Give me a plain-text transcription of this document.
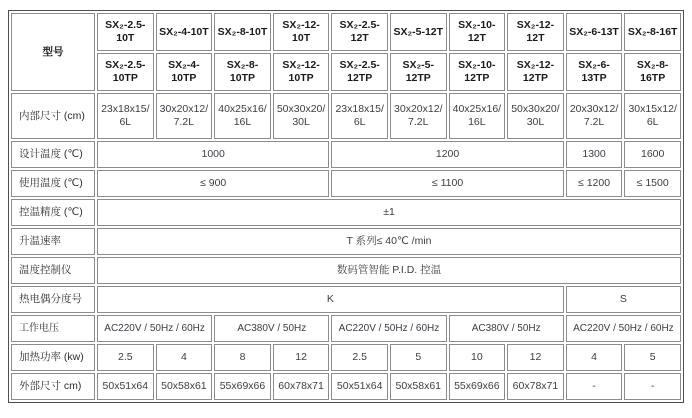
型号	SX₂-2.5-10T	SX₂-4-10T	SX₂-8-10T	SX₂-12-10T	SX₂-2.5-12T	SX₂-5-12T	SX₂-10-12T	SX₂-12-12T	SX₂-6-13T	SX₂-8-16T
	SX₂-2.5-10TP	SX₂-4-10TP	SX₂-8-10TP	SX₂-12-10TP	SX₂-2.5-12TP	SX₂-5-12TP	SX₂-10-12TP	SX₂-12-12TP	SX₂-6-13TP	SX₂-8-16TP
内部尺寸 (cm)	23x18x15/ 6L	30x20x12/ 7.2L	40x25x16/ 16L	50x30x20/ 30L	23x18x15/ 6L	30x20x12/ 7.2L	40x25x16/ 16L	50x30x20/ 30L	20x30x12/ 7.2L	30x15x12/ 6L
设计温度 (℃)	1000				1200				1300	1600
使用温度 (℃)	≤ 900				≤ 1100				≤ 1200	≤ 1500
控温精度 (℃)	±1									
升温速率	T 系列≤ 40℃ /min									
温度控制仪	数码管智能 P.I.D. 控温									
热电偶分度号	K								S	
工作电压	AC220V / 50Hz / 60Hz		AC380V / 50Hz		AC220V / 50Hz / 60Hz		AC380V / 50Hz		AC220V / 50Hz / 60Hz	
加热功率 (kw)	2.5	4	8	12	2.5	5	10	12	4	5
外部尺寸 cm)	50x51x64	50x58x61	55x69x66	60x78x71	50x51x64	50x58x61	55x69x66	60x78x71	-	-
